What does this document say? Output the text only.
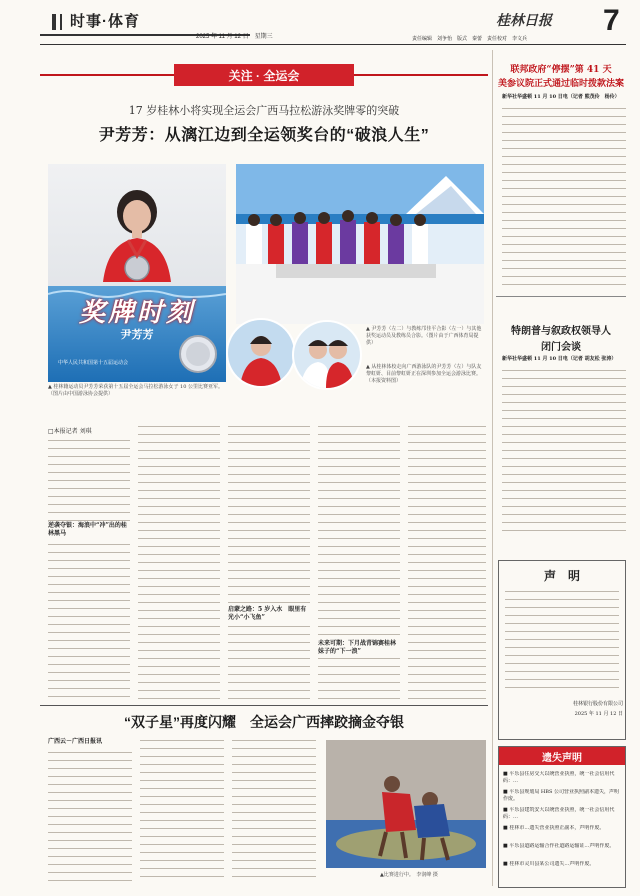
时事·体育
2025 年 11 月 12 日　星期三
桂林日报
责任编辑　刘争怡　版式　秦蕾　责任校对　李文兵
7
关注 · 全运会
17 岁桂林小将实现全运会广西马拉松游泳奖牌零的突破
尹芳芳：从漓江边到全运领奖台的“破浪人生”
奖牌时刻
尹芳芳
中华人民共和国第十五届运动会
▲ 桂林籍运动员尹芳芳荣获第十五届全运会马拉松游泳女子 10 公里比赛亚军。（图片由中国游泳协会提供）
▲ 尹芳芳（左二）与教练邝佳平合影（左一）与其他获奖运动员及教练员合影。（图片由于广西体育局提供）
▲ 从桂林体校走向广西游泳队的尹芳芳（左）与队友黎虹妍、目前黎虹妍正在深圳参加全运会游泳比赛。（本报资料图）
□本报记者 刘琪
逆袭夺银：海浪中“冲”出的桂林黑马
启蒙之路：5 岁入水　眼里有光小“小飞鱼”
未来可期：下月战青锦赛桂林妹子的“下一浪”
“双子星”再度闪耀　全运会广西摔跤摘金夺银
广西云－广西日报讯
▲比赛进行中。　李润峰 摄
联邦政府“停摆”第 41 天
美参议院正式通过临时拨款法案
新华社华盛顿 11 月 10 日电（记者 熊茂伶　杨伶）
特朗普与叙政权领导人
闭门会谈
新华社华盛顿 11 月 10 日电（记者 胡友松 张涛）
声　明
桂林银行股份有限公司
2025 年 11 月 12 日
遗失声明
■ 平乐县住房交大以统营业执照，统一社会信用代码：…
■ 平乐县规划局 HBS 公司营业执照副本遗失，声明作废。
■ 平乐县建筑安大以统营业执照，统一社会信用代码：…
■ 桂林市…遗失营业执照正副本，声明作废。
■ 平乐县道路运输合作社道路运输证…声明作废。
■ 桂林市灵川县某公司遗失…声明作废。
